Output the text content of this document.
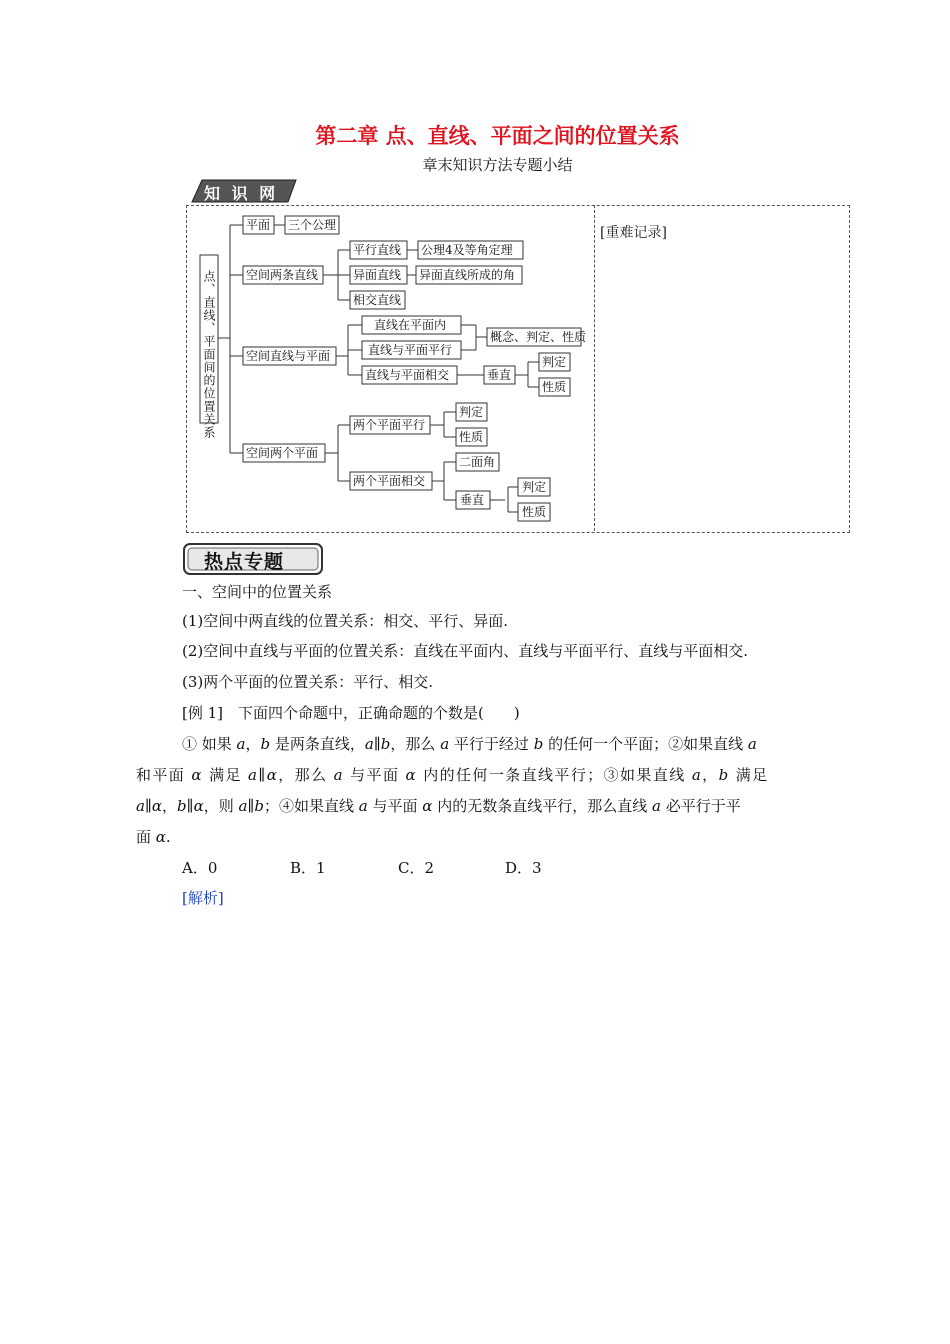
第二章 点、直线、平面之间的位置关系
章末知识方法专题小结
知 识 网 络
[重难记录]
点、直线、平面间的位置关系
平面 三个公理
空间两条直线
平行直线 公理4及等角定理
异面直线 异面直线所成的角
相交直线
空间直线与平面
直线在平面内
直线与平面平行
概念、判定、性质
直线与平面相交	垂直
判定
性质
空间两个平面
两个平面平行
判定
性质
两个平面相交
二面角
垂直
判定
性质
热点专题
一、空间中的位置关系
(1)空间中两直线的位置关系：相交、平行、异面.
(2)空间中直线与平面的位置关系：直线在平面内、直线与平面平行、直线与平面相交.
(3)两个平面的位置关系：平行、相交.
[例 1]　下面四个命题中，正确命题的个数是(　　)
① 如果 a，b 是两条直线，a∥b，那么 a 平行于经过 b 的任何一个平面；②如果直线 a
和平面 α 满足 a∥α，那么 a 与平面 α 内的任何一条直线平行；③如果直线 a，b 满足
a∥α，b∥α，则 a∥b；④如果直线 a 与平面 α 内的无数条直线平行，那么直线 a 必平行于平
面 α.
A．0	B．1	C．2	D．3
[解析]
